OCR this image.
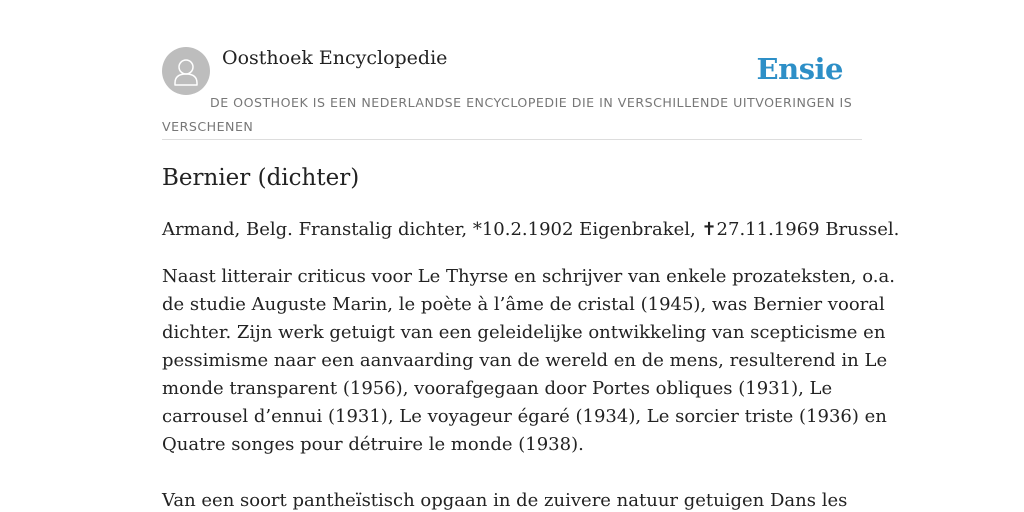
Oosthoek Encyclopedie	Ensie
DE OOSTHOEK IS EEN NEDERLANDSE ENCYCLOPEDIE DIE IN VERSCHILLENDE UITVOERINGEN IS VERSCHENEN
Bernier (dichter)

Armand, Belg. Franstalig dichter, *10.2.1902 Eigenbrakel, ✝27.11.1969 Brussel.

Naast litterair criticus voor Le Thyrse en schrijver van enkele prozateksten, o.a.
de studie Auguste Marin, le poète à l’âme de cristal (1945), was Bernier vooral
dichter. Zijn werk getuigt van een geleidelijke ontwikkeling van scepticisme en
pessimisme naar een aanvaarding van de wereld en de mens, resulterend in Le
monde transparent (1956), voorafgegaan door Portes obliques (1931), Le
carrousel d’ennui (1931), Le voyageur égaré (1934), Le sorcier triste (1936) en
Quatre songes pour détruire le monde (1938).

Van een soort pantheïstisch opgaan in de zuivere natuur getuigen Dans les
